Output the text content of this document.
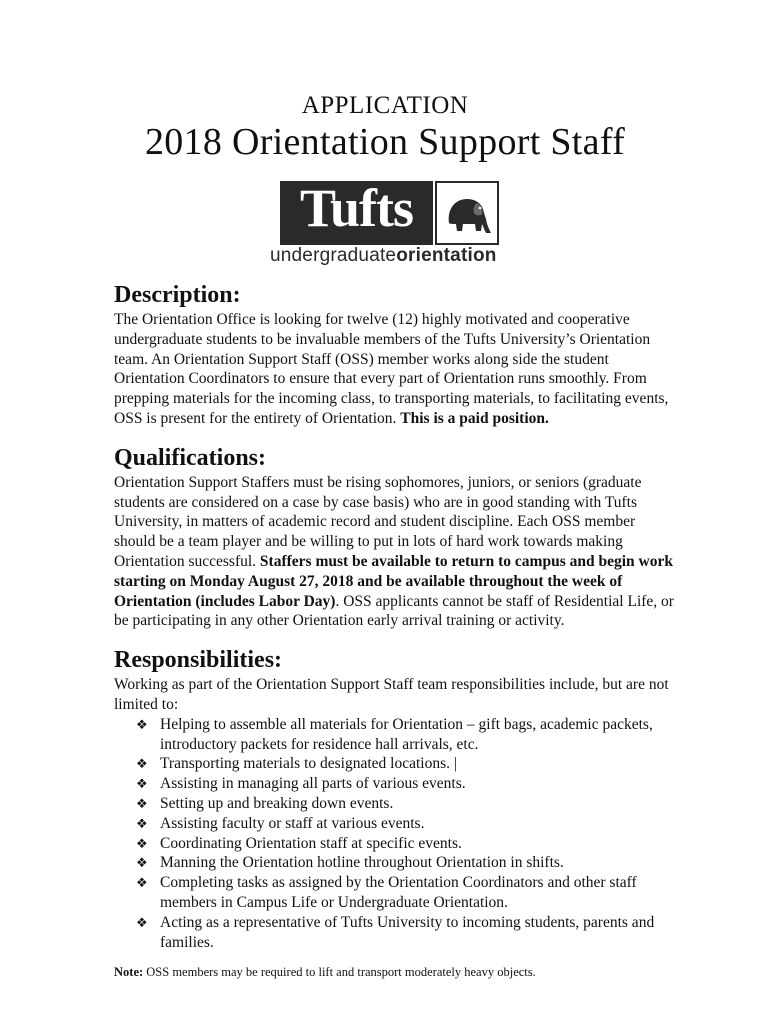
APPLICATION
2018 Orientation Support Staff
Tufts
undergraduateorientation
Description:

The Orientation Office is looking for twelve (12) highly motivated and cooperative undergraduate students to be invaluable members of the Tufts University’s Orientation team. An Orientation Support Staff (OSS) member works along side the student Orientation Coordinators to ensure that every part of Orientation runs smoothly. From prepping materials for the incoming class, to transporting materials, to facilitating events, OSS is present for the entirety of Orientation. This is a paid position.

Qualifications:

Orientation Support Staffers must be rising sophomores, juniors, or seniors (graduate students are considered on a case by case basis) who are in good standing with Tufts University, in matters of academic record and student discipline. Each OSS member should be a team player and be willing to put in lots of hard work towards making Orientation successful. Staffers must be available to return to campus and begin work starting on Monday August 27, 2018 and be available throughout the week of Orientation (includes Labor Day). OSS applicants cannot be staff of Residential Life, or be participating in any other Orientation early arrival training or activity.

Responsibilities:

Working as part of the Orientation Support Staff team responsibilities include, but are not limited to:

❖ Helping to assemble all materials for Orientation – gift bags, academic packets, introductory packets for residence hall arrivals, etc.
❖ Transporting materials to designated locations. |
❖ Assisting in managing all parts of various events.
❖ Setting up and breaking down events.
❖ Assisting faculty or staff at various events.
❖ Coordinating Orientation staff at specific events.
❖ Manning the Orientation hotline throughout Orientation in shifts.
❖ Completing tasks as assigned by the Orientation Coordinators and other staff members in Campus Life or Undergraduate Orientation.
❖ Acting as a representative of Tufts University to incoming students, parents and families.

Note: OSS members may be required to lift and transport moderately heavy objects.
